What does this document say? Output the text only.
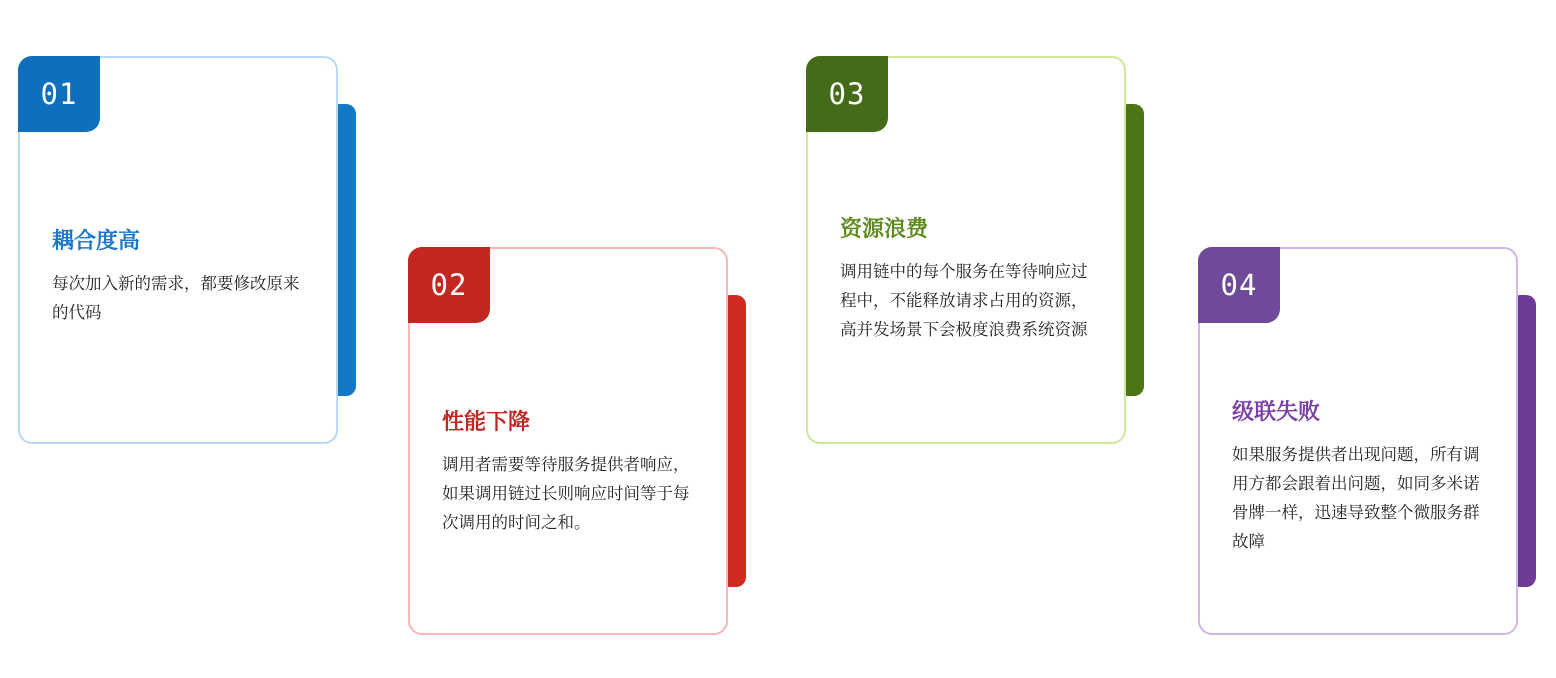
01

耦合度高

每次加入新的需求，都要修改原来的代码

02

性能下降

调用者需要等待服务提供者响应，如果调用链过长则响应时间等于每次调用的时间之和。

03

资源浪费

调用链中的每个服务在等待响应过程中，不能释放请求占用的资源，高并发场景下会极度浪费系统资源

04

级联失败

如果服务提供者出现问题，所有调用方都会跟着出问题，如同多米诺骨牌一样，迅速导致整个微服务群故障
